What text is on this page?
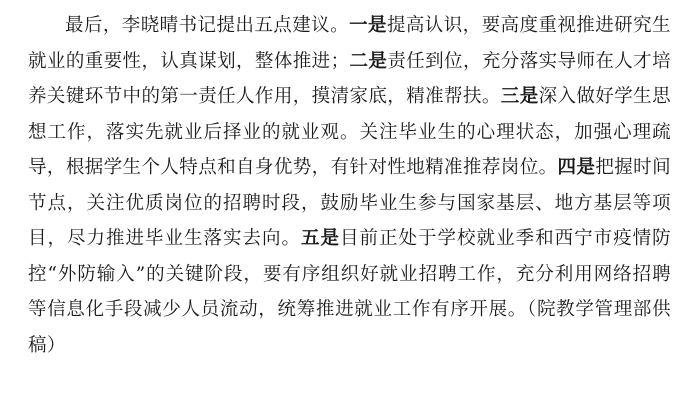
最后，李晓晴书记提出五点建议。一是提高认识，要高度重视推进研究生就业的重要性，认真谋划，整体推进；二是责任到位，充分落实导师在人才培养关键环节中的第一责任人作用，摸清家底，精准帮扶。三是深入做好学生思想工作，落实先就业后择业的就业观。关注毕业生的心理状态，加强心理疏导，根据学生个人特点和自身优势，有针对性地精准推荐岗位。四是把握时间节点，关注优质岗位的招聘时段，鼓励毕业生参与国家基层、地方基层等项目，尽力推进毕业生落实去向。五是目前正处于学校就业季和西宁市疫情防控“外防输入”的关键阶段，要有序组织好就业招聘工作，充分利用网络招聘等信息化手段减少人员流动，统筹推进就业工作有序开展。（院教学管理部供稿）
